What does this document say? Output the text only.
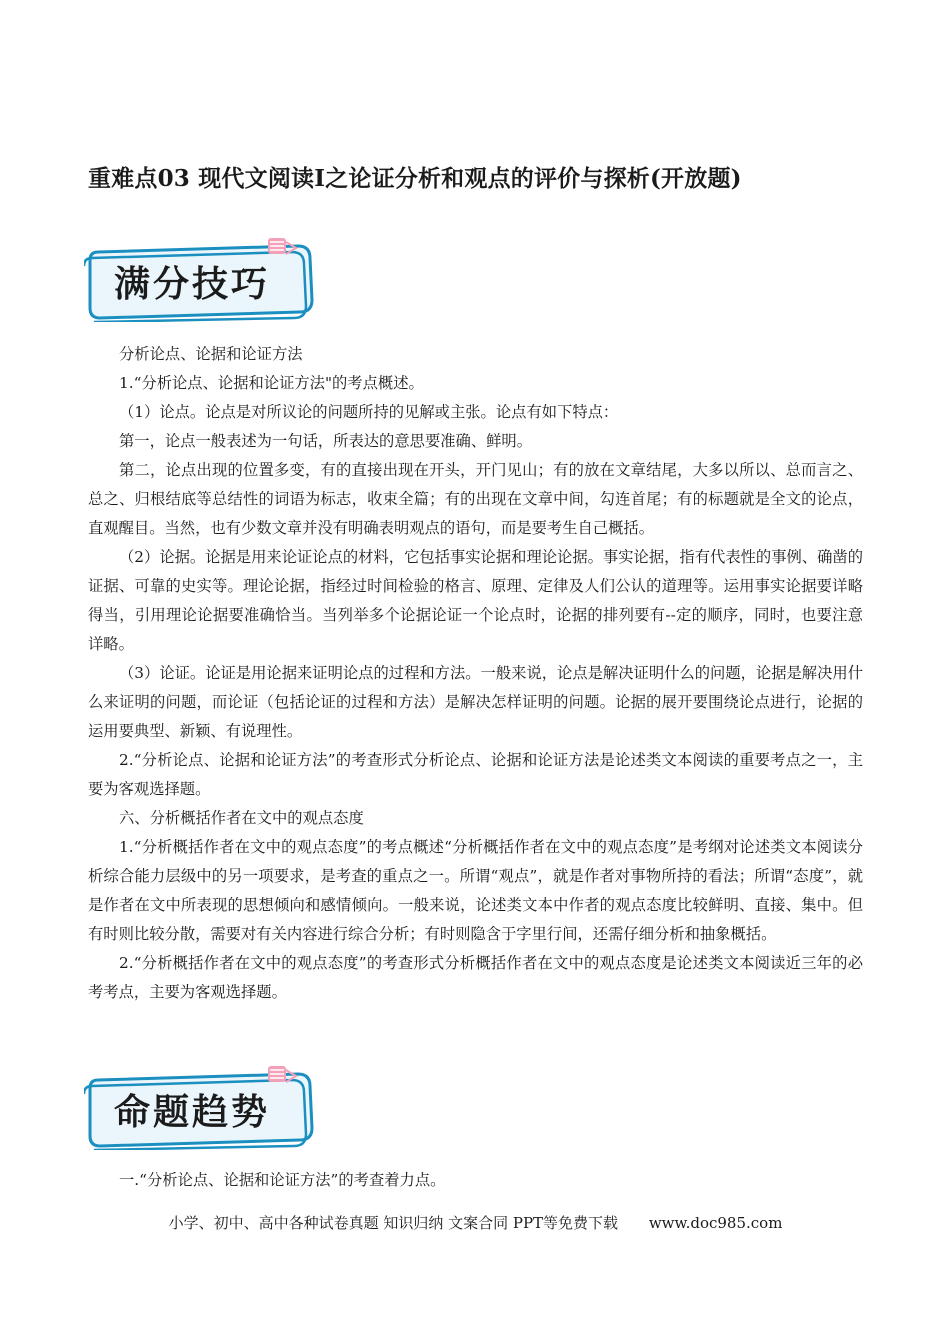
重难点03 现代文阅读I之论证分析和观点的评价与探析(开放题)
满分技巧

分析论点、论据和论证方法

1.“分析论点、论据和论证方法"的考点概述。

（1）论点。论点是对所议论的问题所持的见解或主张。论点有如下特点：

第一，论点一般表述为一句话，所表达的意思要准确、鲜明。

第二，论点出现的位置多变，有的直接出现在开头，开门见山；有的放在文章结尾，大多以所以、总而言之、总之、归根结底等总结性的词语为标志，收束全篇；有的出现在文章中间，勾连首尾；有的标题就是全文的论点，直观醒目。当然，也有少数文章并没有明确表明观点的语句，而是要考生自己概括。

（2）论据。论据是用来论证论点的材料，它包括事实论据和理论论据。事实论据，指有代表性的事例、确凿的证据、可靠的史实等。理论论据，指经过时间检验的格言、原理、定律及人们公认的道理等。运用事实论据要详略得当，引用理论论据要准确恰当。当列举多个论据论证一个论点时，论据的排列要有--定的顺序，同时，也要注意详略。

（3）论证。论证是用论据来证明论点的过程和方法。一般来说，论点是解决证明什么的问题，论据是解决用什么来证明的问题，而论证（包括论证的过程和方法）是解决怎样证明的问题。论据的展开要围绕论点进行，论据的运用要典型、新颖、有说理性。

2.“分析论点、论据和论证方法”的考查形式分析论点、论据和论证方法是论述类文本阅读的重要考点之一，主要为客观选择题。

六、分析概括作者在文中的观点态度

1.“分析概括作者在文中的观点态度”的考点概述“分析概括作者在文中的观点态度”是考纲对论述类文本阅读分析综合能力层级中的另一项要求，是考查的重点之一。所谓“观点”，就是作者对事物所持的看法；所谓“态度”，就是作者在文中所表现的思想倾向和感情倾向。一般来说，论述类文本中作者的观点态度比较鲜明、直接、集中。但有时则比较分散，需要对有关内容进行综合分析；有时则隐含于字里行间，还需仔细分析和抽象概括。

2.“分析概括作者在文中的观点态度”的考查形式分析概括作者在文中的观点态度是论述类文本阅读近三年的必考考点，主要为客观选择题。

命题趋势

一.“分析论点、论据和论证方法”的考查着力点。

小学、初中、高中各种试卷真题 知识归纳 文案合同 PPT等免费下载 www.doc985.com
